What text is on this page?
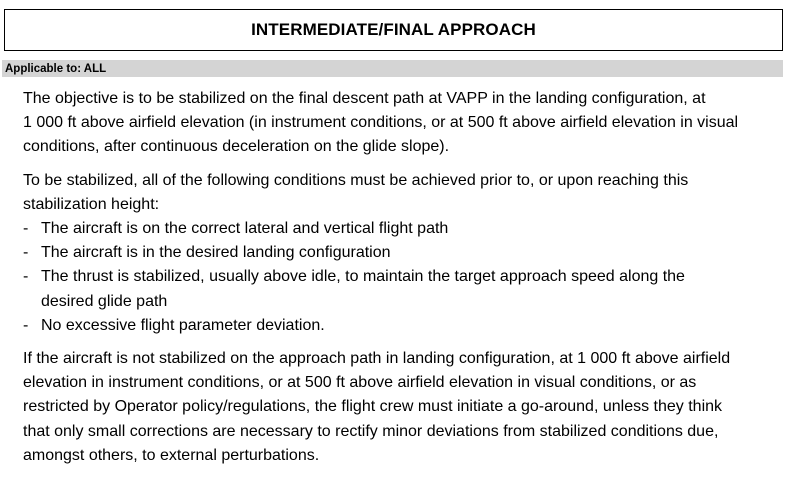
INTERMEDIATE/FINAL APPROACH
Applicable to: ALL

The objective is to be stabilized on the final descent path at VAPP in the landing configuration, at
1 000 ft above airfield elevation (in instrument conditions, or at 500 ft above airfield elevation in visual
conditions, after continuous deceleration on the glide slope).

To be stabilized, all of the following conditions must be achieved prior to, or upon reaching this
stabilization height:

- The aircraft is on the correct lateral and vertical flight path
- The aircraft is in the desired landing configuration
- The thrust is stabilized, usually above idle, to maintain the target approach speed along the
desired glide path
- No excessive flight parameter deviation.

If the aircraft is not stabilized on the approach path in landing configuration, at 1 000 ft above airfield
elevation in instrument conditions, or at 500 ft above airfield elevation in visual conditions, or as
restricted by Operator policy/regulations, the flight crew must initiate a go-around, unless they think
that only small corrections are necessary to rectify minor deviations from stabilized conditions due,
amongst others, to external perturbations.
